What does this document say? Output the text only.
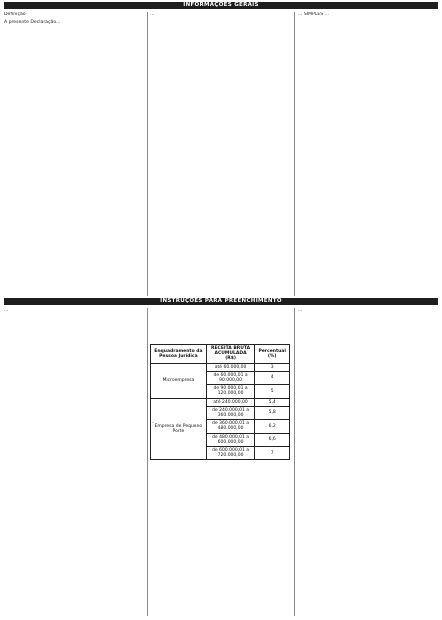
INFORMAÇÕES GERAIS
Definição
A presente Declaração...
...	... SIMPLES ...
INSTRUÇÕES PARA PREENCHIMENTO
...
Enquadramento da Pessoa Jurídica	RECEITA BRUTA ACUMULADA (R$)	Percentual (%)
Microempresa	até 60.000,00	3
	de 60.000,01 a 90.000,00	4
	de 90.000,01 a 120.000,00	5
Empresa de Pequeno Porte	até 240.000,00	5,4
	de 240.000,01 a 360.000,00	5,8
	de 360.000,01 a 480.000,00	6,2
	de 480.000,01 a 600.000,00	6,6
	de 600.000,01 a 720.000,00	7
...
...
